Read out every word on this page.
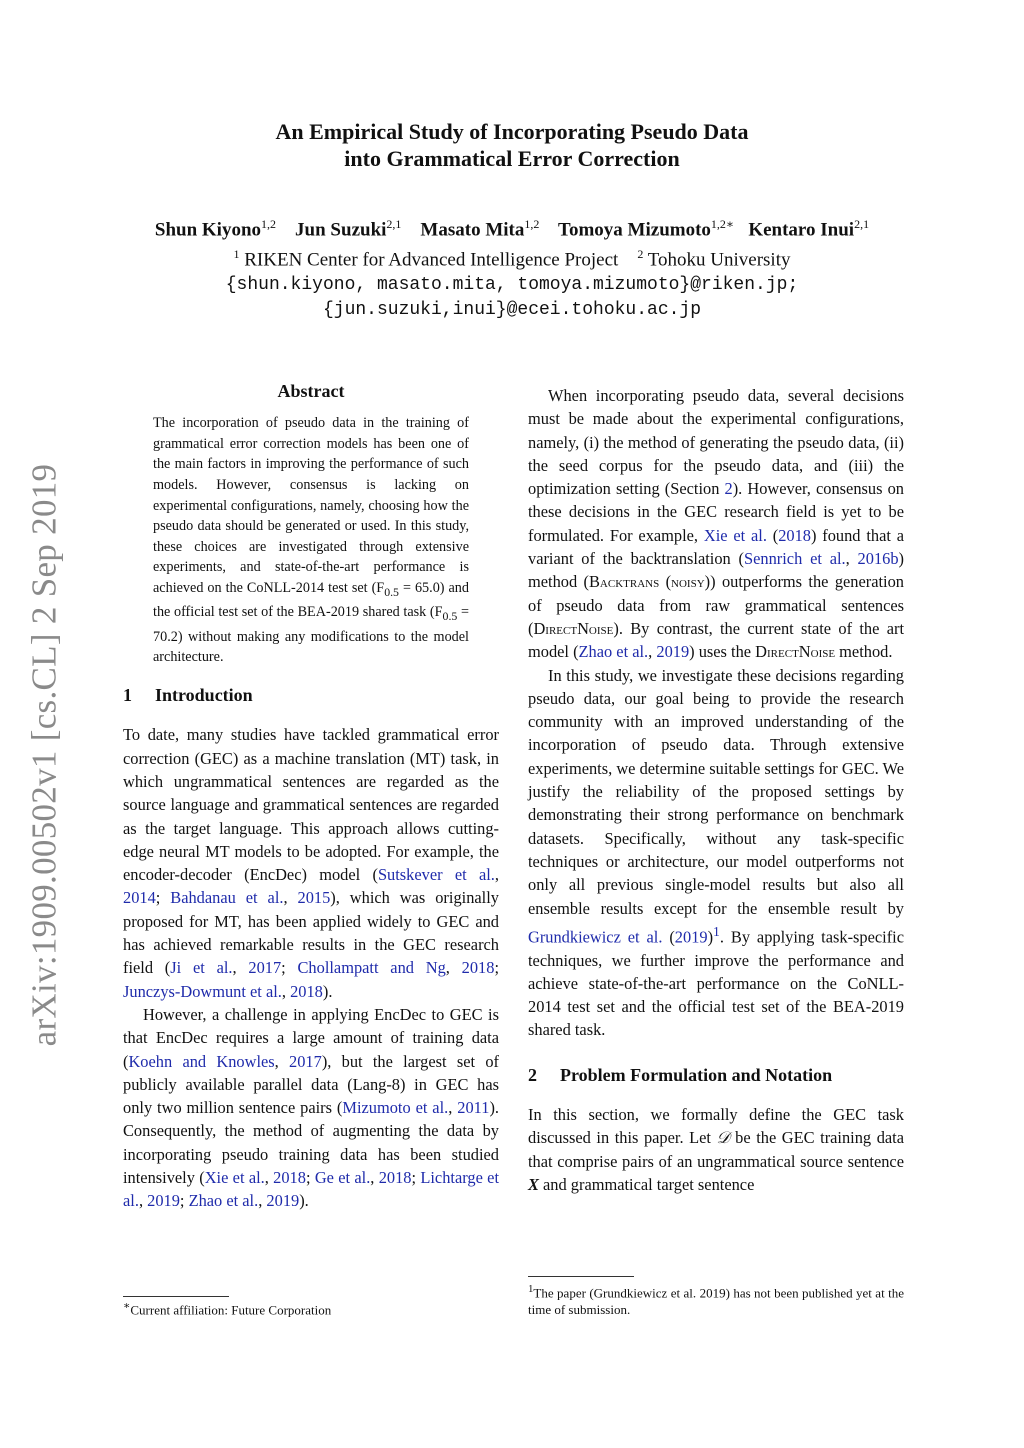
arXiv:1909.00502v1 [cs.CL] 2 Sep 2019
An Empirical Study of Incorporating Pseudo Data
into Grammatical Error Correction
Shun Kiyono$^{1,2}$ Jun Suzuki$^{2,1}$ Masato Mita$^{1,2}$ Tomoya Mizumoto$^{1,2∗}$ Kentaro Inui$^{2,1}$
$^1$ RIKEN Center for Advanced Intelligence Project $^2$ Tohoku University
{shun.kiyono, masato.mita, tomoya.mizumoto}@riken.jp;
{jun.suzuki,inui}@ecei.tohoku.ac.jp
Abstract

The incorporation of pseudo data in the training of grammatical error correction models has been one of the main factors in improving the performance of such models. However, consensus is lacking on experimental configurations, namely, choosing how the pseudo data should be generated or used. In this study, these choices are investigated through extensive experiments, and state-of-the-art performance is achieved on the CoNLL-2014 test set $(F_{0.5} = 65.0)$ and the official test set of the BEA-2019 shared task $(F_{0.5} = 70.2)$ without making any modifications to the model architecture.

1 Introduction

To date, many studies have tackled grammatical error correction (GEC) as a machine translation (MT) task, in which ungrammatical sentences are regarded as the source language and grammatical sentences are regarded as the target language. This approach allows cutting-edge neural MT models to be adopted. For example, the encoder-decoder (EncDec) model (Sutskever et al., 2014; Bahdanau et al., 2015), which was originally proposed for MT, has been applied widely to GEC and has achieved remarkable results in the GEC research field (Ji et al., 2017; Chollampatt and Ng, 2018; Junczys-Dowmunt et al., 2018).

However, a challenge in applying EncDec to GEC is that EncDec requires a large amount of training data (Koehn and Knowles, 2017), but the largest set of publicly available parallel data (Lang-8) in GEC has only two million sentence pairs (Mizumoto et al., 2011). Consequently, the method of augmenting the data by incorporating pseudo training data has been studied intensively (Xie et al., 2018; Ge et al., 2018; Lichtarge et al., 2019; Zhao et al., 2019).

∗Current affiliation: Future Corporation

When incorporating pseudo data, several decisions must be made about the experimental configurations, namely, (i) the method of generating the pseudo data, (ii) the seed corpus for the pseudo data, and (iii) the optimization setting (Section 2). However, consensus on these decisions in the GEC research field is yet to be formulated. For example, Xie et al. (2018) found that a variant of the backtranslation (Sennrich et al., 2016b) method (Backtrans (noisy)) outperforms the generation of pseudo data from raw grammatical sentences (DirectNoise). By contrast, the current state of the art model (Zhao et al., 2019) uses the DirectNoise method.

In this study, we investigate these decisions regarding pseudo data, our goal being to provide the research community with an improved understanding of the incorporation of pseudo data. Through extensive experiments, we determine suitable settings for GEC. We justify the reliability of the proposed settings by demonstrating their strong performance on benchmark datasets. Specifically, without any task-specific techniques or architecture, our model outperforms not only all previous single-model results but also all ensemble results except for the ensemble result by Grundkiewicz et al. (2019)$^1$. By applying task-specific techniques, we further improve the performance and achieve state-of-the-art performance on the CoNLL-2014 test set and the official test set of the BEA-2019 shared task.

2 Problem Formulation and Notation

In this section, we formally define the GEC task discussed in this paper. Let 𝒟 be the GEC training data that comprise pairs of an ungrammatical source sentence X and grammatical target sentence

$^1$The paper (Grundkiewicz et al. 2019) has not been published yet at the time of submission.
